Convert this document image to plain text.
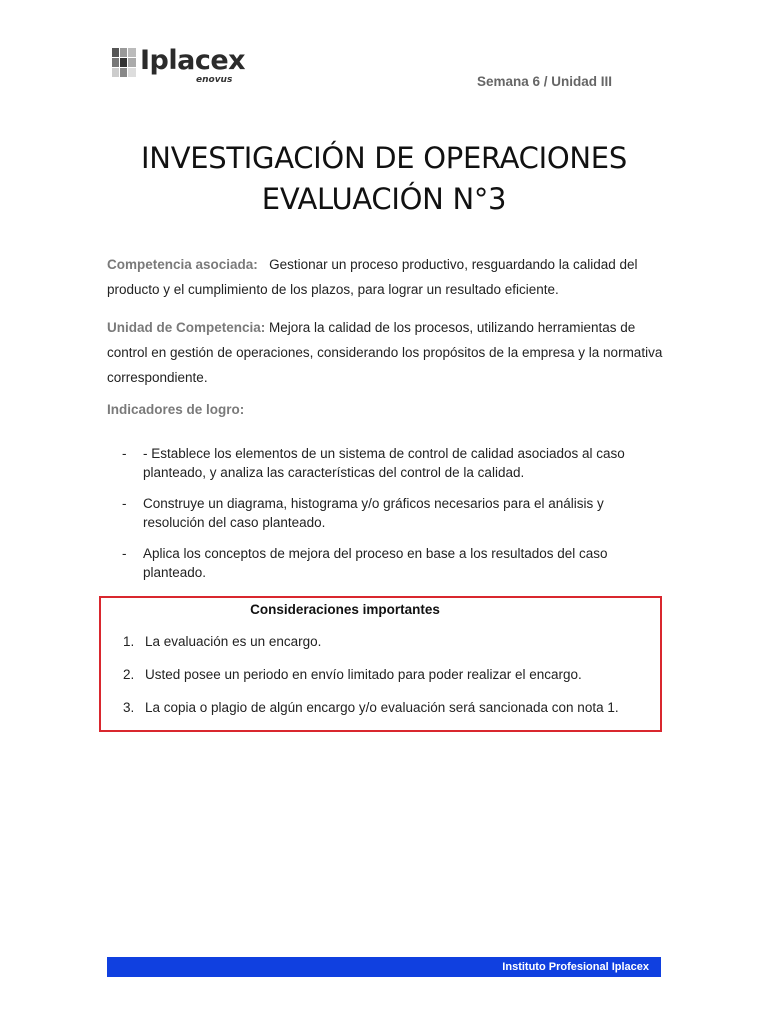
Iplacex
enovus	Semana 6 / Unidad III
INVESTIGACIÓN DE OPERACIONES
EVALUACIÓN N°3
Competencia asociada: Gestionar un proceso productivo, resguardando la calidad del producto y el cumplimiento de los plazos, para lograr un resultado eficiente.
Unidad de Competencia: Mejora la calidad de los procesos, utilizando herramientas de control en gestión de operaciones, considerando los propósitos de la empresa y la normativa correspondiente.
Indicadores de logro:
- - Establece los elementos de un sistema de control de calidad asociados al caso planteado, y analiza las características del control de la calidad.
- Construye un diagrama, histograma y/o gráficos necesarios para el análisis y resolución del caso planteado.
- Aplica los conceptos de mejora del proceso en base a los resultados del caso planteado.
Consideraciones importantes
1. La evaluación es un encargo.
2. Usted posee un periodo en envío limitado para poder realizar el encargo.
3. La copia o plagio de algún encargo y/o evaluación será sancionada con nota 1.
Instituto Profesional Iplacex
